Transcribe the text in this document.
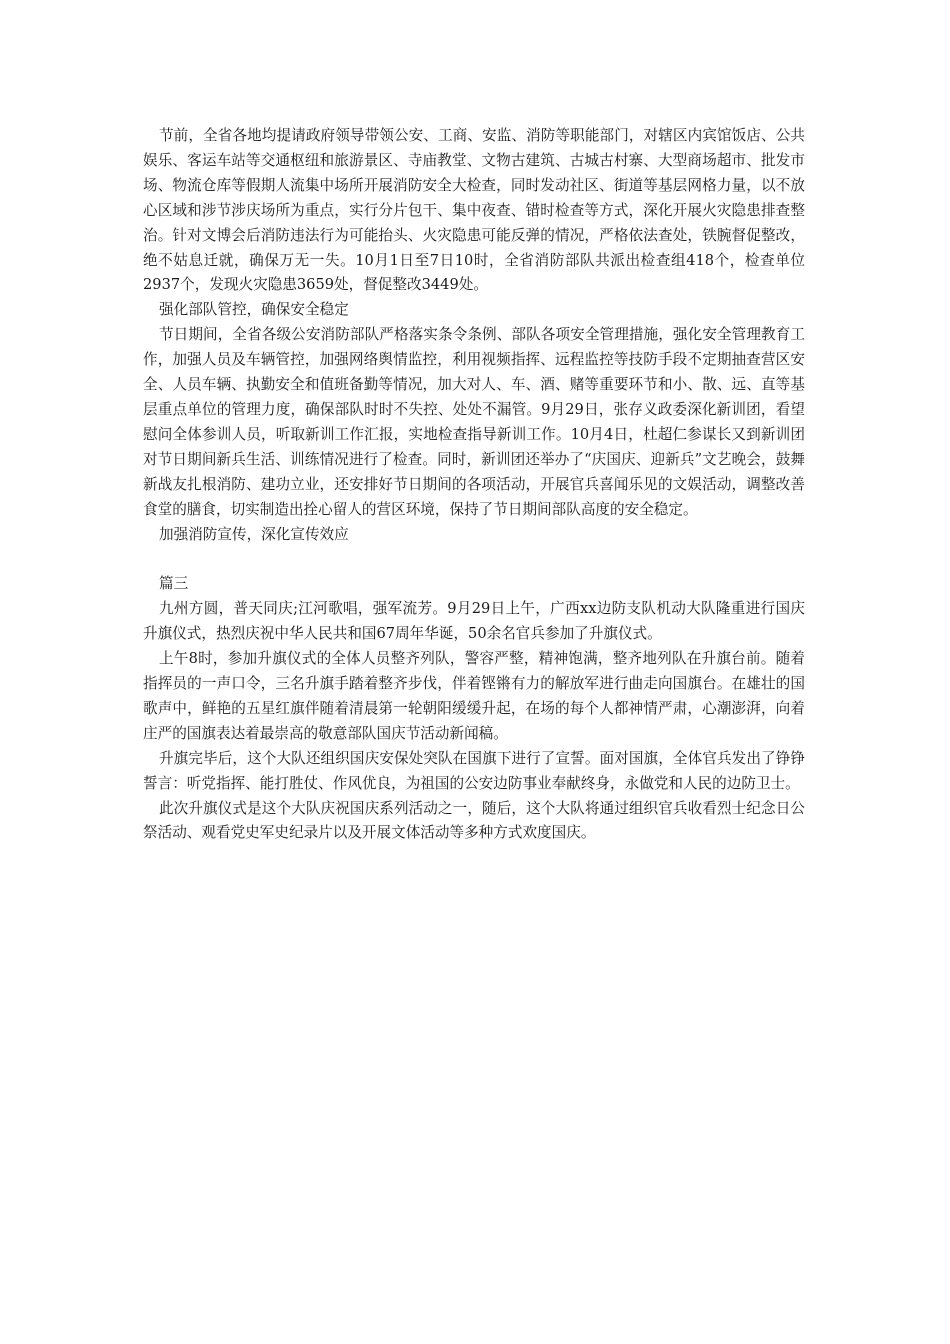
节前，全省各地均提请政府领导带领公安、工商、安监、消防等职能部门，对辖区内宾馆饭店、公共娱乐、客运车站等交通枢纽和旅游景区、寺庙教堂、文物古建筑、古城古村寨、大型商场超市、批发市场、物流仓库等假期人流集中场所开展消防安全大检查，同时发动社区、街道等基层网格力量，以不放心区域和涉节涉庆场所为重点，实行分片包干、集中夜查、错时检查等方式，深化开展火灾隐患排查整治。针对文博会后消防违法行为可能抬头、火灾隐患可能反弹的情况，严格依法查处，铁腕督促整改，绝不姑息迁就，确保万无一失。10月1日至7日10时，全省消防部队共派出检查组418个，检查单位2937个，发现火灾隐患3659处，督促整改3449处。

强化部队管控，确保安全稳定

节日期间，全省各级公安消防部队严格落实条令条例、部队各项安全管理措施，强化安全管理教育工作，加强人员及车辆管控，加强网络舆情监控，利用视频指挥、远程监控等技防手段不定期抽查营区安全、人员车辆、执勤安全和值班备勤等情况，加大对人、车、酒、赌等重要环节和小、散、远、直等基层重点单位的管理力度，确保部队时时不失控、处处不漏管。9月29日，张存义政委深化新训团，看望慰问全体参训人员，听取新训工作汇报，实地检查指导新训工作。10月4日，杜超仁参谋长又到新训团对节日期间新兵生活、训练情况进行了检查。同时，新训团还举办了“庆国庆、迎新兵”文艺晚会，鼓舞新战友扎根消防、建功立业，还安排好节日期间的各项活动，开展官兵喜闻乐见的文娱活动，调整改善食堂的膳食，切实制造出拴心留人的营区环境，保持了节日期间部队高度的安全稳定。

加强消防宣传，深化宣传效应

篇三

九州方圆，普天同庆;江河歌唱，强军流芳。9月29日上午，广西xx边防支队机动大队隆重进行国庆升旗仪式，热烈庆祝中华人民共和国67周年华诞，50余名官兵参加了升旗仪式。

上午8时，参加升旗仪式的全体人员整齐列队，警容严整，精神饱满，整齐地列队在升旗台前。随着指挥员的一声口令，三名升旗手踏着整齐步伐，伴着铿锵有力的解放军进行曲走向国旗台。在雄壮的国歌声中，鲜艳的五星红旗伴随着清晨第一轮朝阳缓缓升起，在场的每个人都神情严肃，心潮澎湃，向着庄严的国旗表达着最崇高的敬意部队国庆节活动新闻稿。

升旗完毕后，这个大队还组织国庆安保处突队在国旗下进行了宣誓。面对国旗，全体官兵发出了铮铮誓言：听党指挥、能打胜仗、作风优良，为祖国的公安边防事业奉献终身，永做党和人民的边防卫士。

此次升旗仪式是这个大队庆祝国庆系列活动之一，随后，这个大队将通过组织官兵收看烈士纪念日公祭活动、观看党史军史纪录片以及开展文体活动等多种方式欢度国庆。
